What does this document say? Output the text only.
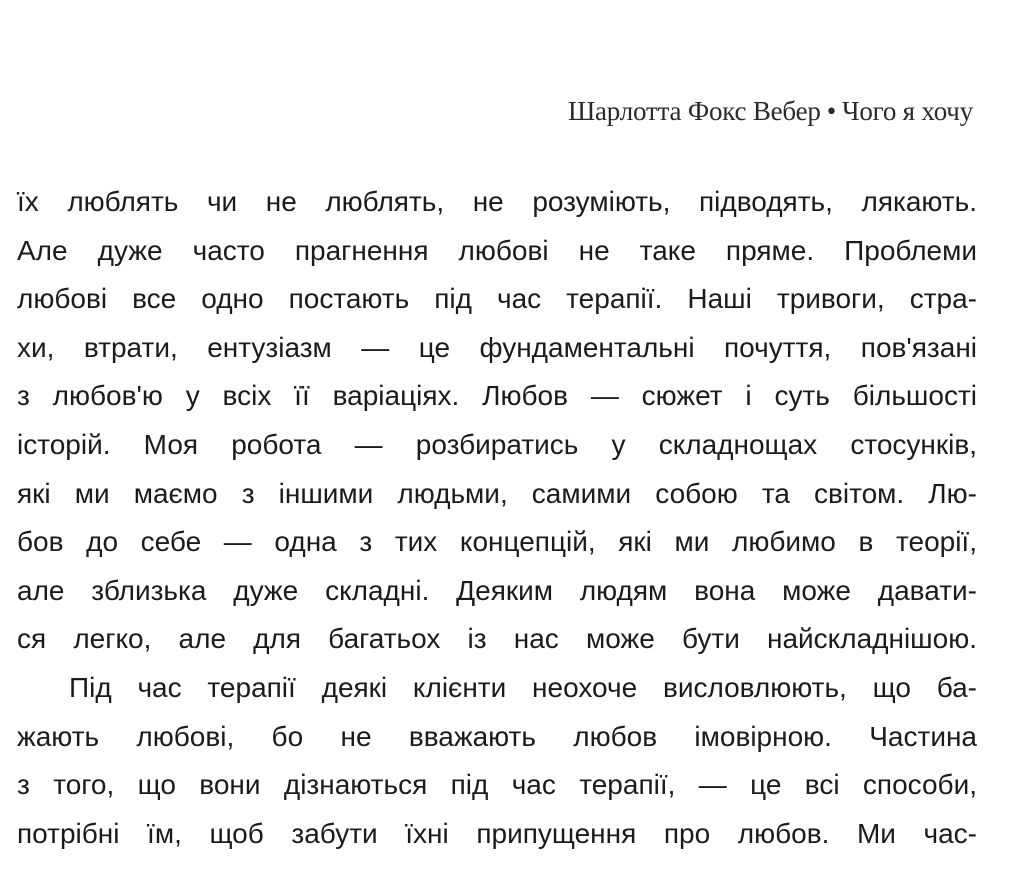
Шарлотта Фокс Вебер • Чого я хочу
їх люблять чи не люблять, не розуміють, підводять, лякають.
Але дуже часто прагнення любові не таке пряме. Проблеми
любові все одно постають під час терапії. Наші тривоги, стра-
хи, втрати, ентузіазм — це фундаментальні почуття, пов'язані
з любов'ю у всіх її варіаціях. Любов — сюжет і суть більшості
історій. Моя робота — розбиратись у складнощах стосунків,
які ми маємо з іншими людьми, самими собою та світом. Лю-
бов до себе — одна з тих концепцій, які ми любимо в теорії,
але зблизька дуже складні. Деяким людям вона може давати-
ся легко, але для багатьох із нас може бути найскладнішою.
Під час терапії деякі клієнти неохоче висловлюють, що ба-
жають любові, бо не вважають любов імовірною. Частина
з того, що вони дізнаються під час терапії, — це всі способи,
потрібні їм, щоб забути їхні припущення про любов. Ми час-
